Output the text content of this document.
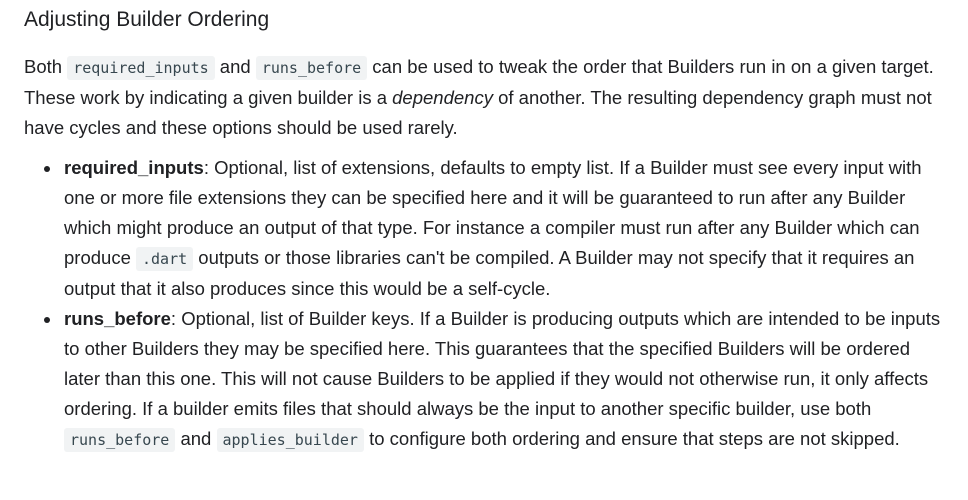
Adjusting Builder Ordering

Both required_inputs and runs_before can be used to tweak the order that Builders run in on a given target. These work by indicating a given builder is a dependency of another. The resulting dependency graph must not have cycles and these options should be used rarely.

required_inputs: Optional, list of extensions, defaults to empty list. If a Builder must see every input with one or more file extensions they can be specified here and it will be guaranteed to run after any Builder which might produce an output of that type. For instance a compiler must run after any Builder which can produce .dart outputs or those libraries can't be compiled. A Builder may not specify that it requires an output that it also produces since this would be a self-cycle.
runs_before: Optional, list of Builder keys. If a Builder is producing outputs which are intended to be inputs to other Builders they may be specified here. This guarantees that the specified Builders will be ordered later than this one. This will not cause Builders to be applied if they would not otherwise run, it only affects ordering. If a builder emits files that should always be the input to another specific builder, use both runs_before and applies_builder to configure both ordering and ensure that steps are not skipped.
